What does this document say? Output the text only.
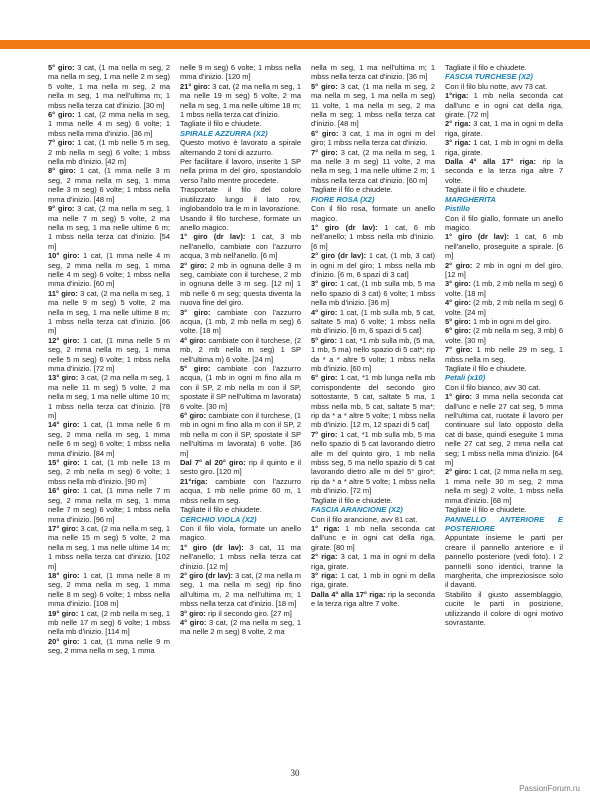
5° giro: 3 cat, (1 ma nella m seg, 2 ma nella m seg, 1 ma nelle 2 m seg) 5 volte, 1 ma nella m seg, 2 ma nella m seg, 1 ma nell'ultima m; 1 mbss nella terza cat d'inizio. [30 m]

6° giro: 1 cat, (2 mma nella m seg, 1 mma nelle 4 m seg) 6 volte; 1 mbss nella mma d'inizio. [36 m]

7° giro: 1 cat, (1 mb nelle 5 m seg, 2 mb nella m seg) 6 volte; 1 mbss nella mb d'inizio. [42 m]

8° giro: 1 cat, (1 mma nelle 3 m seg, 2 mma nella m seg, 1 mma nelle 3 m seg) 6 volte; 1 mbss nella mma d'inizio. [48 m]

9° giro: 3 cat, (2 ma nella m seg, 1 ma nelle 7 m seg) 5 volte, 2 ma nella m seg, 1 ma nelle ultime 6 m; 1 mbss nella terza cat d'inizio. [54 m]

10° giro: 1 cat, (1 mma nelle 4 m seg, 2 mma nella m seg, 1 mma nelle 4 m seg) 6 volte; 1 mbss nella mma d'inizio. [60 m]

11° giro: 3 cat, (2 ma nella m seg, 1 ma nelle 9 m seg) 5 volte, 2 ma nella m seg, 1 ma nelle ultime 8 m; 1 mbss nella terza cat d'inizio. [66 m]

12° giro: 1 cat, (1 mma nelle 5 m seg, 2 mma nella m seg, 1 mma nelle 5 m seg) 6 volte; 1 mbss nella mma d'inizio. [72 m]

13° giro: 3 cat, (2 ma nella m seg, 1 ma nelle 11 m seg) 5 volte, 2 ma nella m seg, 1 ma nelle ultime 10 m; 1 mbss nella terza cat d'inizio. [78 m]

14° giro: 1 cat, (1 mma nelle 6 m seg, 2 mma nella m seg, 1 mma nelle 6 m seg) 6 volte; 1 mbss nella mma d'inizio. [84 m]

15° giro: 1 cat, (1 mb nelle 13 m seg, 2 mb nella m seg) 6 volte; 1 mbss nella mb d'inizio. [90 m]

16° giro: 1 cat, (1 mma nelle 7 m seg, 2 mma nella m seg, 1 mma nelle 7 m seg) 6 volte; 1 mbss nella mma d'inizio. [96 m]

17° giro: 3 cat, (2 ma nella m seg, 1 ma nelle 15 m seg) 5 volte, 2 ma nella m seg, 1 ma nelle ultime 14 m; 1 mbss nella terza cat d'inizio. [102 m]

18° giro: 1 cat, (1 mma nelle 8 m seg, 2 mma nella m seg, 1 mma nelle 8 m seg) 6 volte; 1 mbss nella mma d'inizio. [108 m]

19° giro: 1 cat, (2 mb nella m seg, 1 mb nelle 17 m seg) 6 volte; 1 mbss nella mb d'inizio. [114 m]

20° giro: 1 cat, (1 mma nelle 9 m seg, 2 mma nella m seg, 1 mma

nelle 9 m seg) 6 volte; 1 mbss nella mma d'inizio. [120 m]

21° giro: 3 cat, (2 ma nella m seg, 1 ma nelle 19 m seg) 5 volte, 2 ma nella m seg, 1 ma nelle ultime 18 m; 1 mbss nella terza cat d'inizio.

Tagliate il filo e chiudete.

SPIRALE AZZURRA (X2)

Questo motivo è lavorato a spirale alternando 2 toni di azzurro.

Per facilitare il lavoro, inserite 1 SP nella prima m del giro, spostandolo verso l'alto mentre procedete.

Trasportate il filo del colore inutilizzato lungo il lato rov, inglobandolo tra le m in lavorazione.

Usando il filo turchese, formate un anello magico.

1° giro (dr lav): 1 cat, 3 mb nell'anello, cambiate con l'azzurro acqua, 3 mb nell'anello. [6 m]

2° giro: 2 mb in ognuna delle 3 m seg, cambiate con il turchese, 2 mb in ognuna delle 3 m seg. [12 m] 1 mb nelle 6 m seg; questa diventa la nuova fine del giro.

3° giro: cambiate con l'azzurro acqua, (1 mb, 2 mb nella m seg) 6 volte. [18 m]

4° giro: cambiate con il turchese, (2 mb, 2 mb nella m seg) 1 SP nell'ultima m) 6 volte. [24 m]

5° giro: cambiate con l'azzurro acqua, (1 mb in ogni m fino alla m con il SP, 2 mb nella m con il SP, spostate il SP nell'ultima m lavorata) 6 volte. [30 m]

6° giro: cambiate con il turchese, (1 mb in ogni m fino alla m con il SP, 2 mb nella m con il SP, spostate il SP nell'ultima m lavorata) 6 volte. [36 m]

Dal 7° al 20° giro: rip il quinto e il sesto giro. [120 m]

21°riga: cambiate con l'azzurro acqua, 1 mb nelle prime 60 m, 1 mbss nella m seg.

Tagliate il filo e chiudete.

CERCHIO VIOLA (X2)

Con il filo viola, formate un anello magico.

1° giro (dr lav): 3 cat, 11 ma nell'anello; 1 mbss nella terza cat d'inizio. [12 m]

2° giro (dr lav): 3 cat, (2 ma nella m seg, 1 ma nella m seg) rip fino all'ultima m, 2 ma nell'ultima m; 1 mbss nella terza cat d'inizio. [18 m]

3° giro: rip il secondo giro. [27 m]

4° giro: 3 cat, (2 ma nella m seg, 1 ma nelle 2 m seg) 8 volte, 2 ma

nella m seg, 1 ma nell'ultima m; 1 mbss nella terza cat d'inizio. [36 m]

5° giro: 3 cat, (1 ma nella m seg, 2 ma nella m seg, 1 ma nella m seg) 11 volte, 1 ma nella m seg, 2 ma nella m seg; 1 mbss nella terza cat d'inizio. [48 m]

6° giro: 3 cat, 1 ma in ogni m del giro; 1 mbss nella terza cat d'inizio.

7° giro: 3 cat, (2 ma nella m seg, 1 ma nelle 3 m seg) 11 volte, 2 ma nella m seg, 1 ma nelle ultime 2 m; 1 mbss nella terza cat d'inizio. [60 m]

Tagliate il filo e chiudete.

FIORE ROSA (X2)

Con il filo rosa, formate un anello magico.

1° giro (dr lav): 1 cat, 6 mb nell'anello; 1 mbss nella mb d'inizio. [6 m]

2° giro (dr lav): 1 cat, (1 mb, 3 cat) in ogni m del giro; 1 mbss nella mb d'inizio. [6 m, 6 spazi di 3 cat]

3° giro: 1 cat, (1 mb sulla mb, 5 ma nello spazio di 3 cat) 6 volte; 1 mbss nella mb d'inizio. [36 m]

4° giro: 1 cat, (1 mb sulla mb, 5 cat, saltate 5 ma) 6 volte; 1 mbss nella mb d'inizio. [6 m, 6 spazi di 5 cat]

5° giro: 1 cat, *1 mb sulla mb, (5 ma, 1 mb, 5 ma) nello spazio di 5 cat*; rip da * a * altre 5 volte; 1 mbss nella mb d'inizio. [60 m]

6° giro: 1 cat, *1 mb lunga nella mb corrispondente del secondo giro sottostante, 5 cat, saltate 5 ma, 1 mbss nella mb, 5 cat, saltate 5 ma*; rip da * a * altre 5 volte; 1 mbss nella mb d'inizio. [12 m, 12 spazi di 5 cat]

7° giro: 1 cat, *1 mb sulla mb, 5 ma nello spazio di 5 cat lavorando dietro alle m del quinto giro, 1 mb nella mbss seg, 5 ma nello spazio di 5 cat lavorando dietro alle m del 5° giro*; rip da * a * altre 5 volte; 1 mbss nella mb d'inizio. [72 m]

Tagliate il filo e chiudete.

FASCIA ARANCIONE (X2)

Con il filo arancione, avv 81 cat.

1° riga: 1 mb nella seconda cat dall'unc e in ogni cat della riga, girate. [80 m]

2° riga: 3 cat, 1 ma in ogni m della riga, girate.

3° riga: 1 cat, 1 mb in ogni m della riga, girate.

Dalla 4° alla 17° riga: rip la seconda e la terza riga altre 7 volte.

Tagliate il filo e chiudete.

FASCIA TURCHESE (X2)

Con il filo blu notte, avv 73 cat.

1°riga: 1 mb nella seconda cat dall'unc e in ogni cat della riga, girate. [72 m]

2° riga: 3 cat, 1 ma in ogni m della riga, girate.

3° riga: 1 cat, 1 mb in ogni m della riga, girate.

Dalla 4° alla 17° riga: rip la seconda e la terza riga altre 7 volte.

Tagliate il filo e chiudete.

MARGHERITA

Pistillo

Con il filo giallo, formate un anello magico.

1° giro (dr lav): 1 cat, 6 mb nell'anello, proseguite a spirale. [6 m]

2° giro: 2 mb in ogni m del giro. [12 m]

3° giro: (1 mb, 2 mb nella m seg) 6 volte. [18 m]

4° giro: (2 mb, 2 mb nella m seg) 6 volte. [24 m]

5° giro: 1 mb in ogni m del giro.

6° giro: (2 mb nella m seg, 3 mb) 6 volte. [30 m]

7° giro: 1 mb nelle 29 m seg, 1 mbss nella m seg.

Tagliate il filo e chiudete.

Petali (x10)

Con il filo bianco, avv 30 cat.

1° giro: 3 mma nella seconda cat dall'unc e nelle 27 cat seg, 5 mma nell'ultima cat, ruotate il lavoro per continuare sul lato opposto della cat di base, quindi eseguite 1 mma nelle 27 cat seg, 2 mma nella cat seg; 1 mbss nella mma d'inizio. [64 m]

2° giro: 1 cat, (2 mma nella m seg, 1 mma nelle 30 m seg, 2 mma nella m seg) 2 volte, 1 mbss nella mma d'inizio. [68 m]

Tagliate il filo e chiudete.

PANNELLO ANTERIORE E POSTERIORE

Appuntate insieme le parti per creare il pannello anteriore e il pannello posteriore (vedi foto). I 2 pannelli sono identici, tranne la margherita, che impreziosisce solo il davanti.

Stabilito il giusto assemblaggio, cucite le parti in posizione, utilizzando il colore di ogni motivo sovrastante.

30
PassionForum.ru
